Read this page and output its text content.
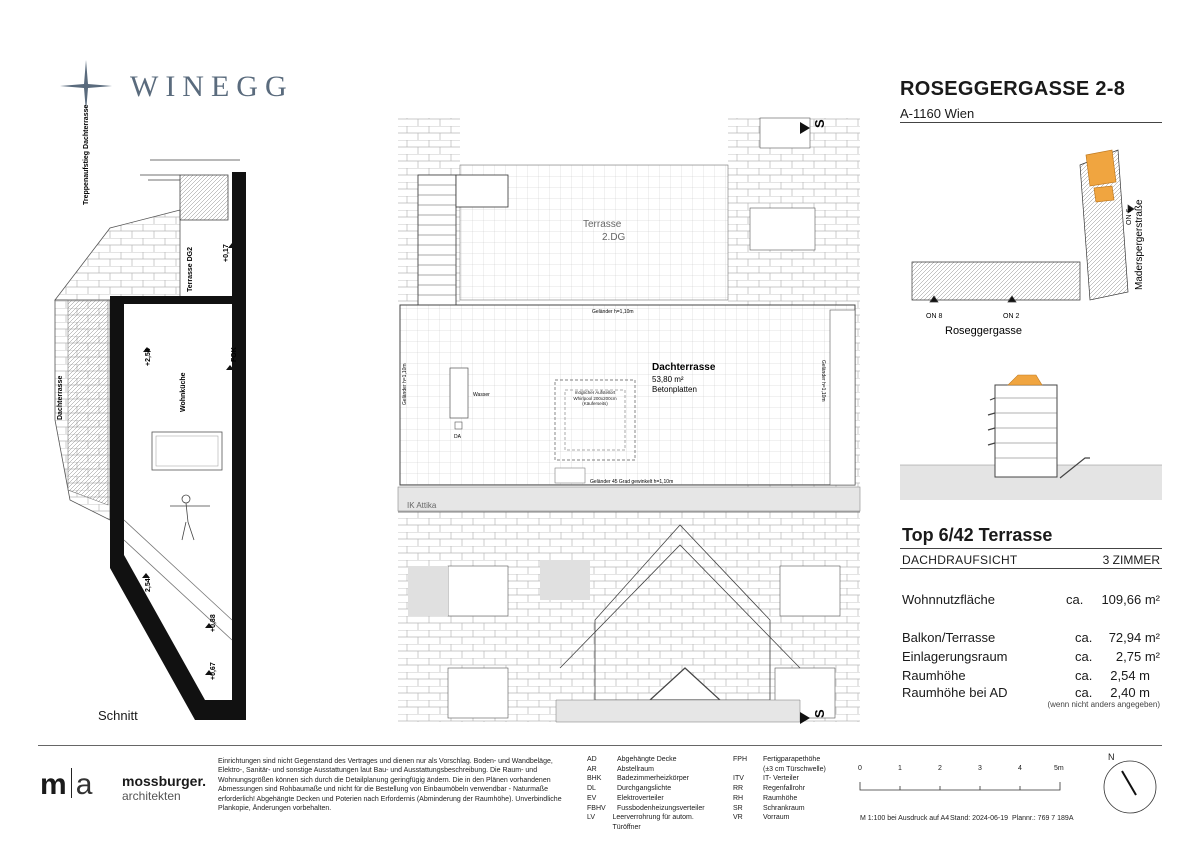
WINEGG	ROSEGGERGASSE 2-8
A-1160 Wien
Treppenaufstieg Dachterrasse
Terrasse DG2
Dachterrasse	Wohnküche
+0,17
+2,54	FOK
2,54
+0,88
+0,67
Terrasse
2.DG
Dachterrasse
53,80 m²
Betonplatten
Geländer h=1,10m
Geländer 45 Grad gewinkelt h=1,10m
Geländer h=1,10m	Geländer h=1,10m
Wasser
DA
IK Attika
möglicher Aufstellort Whirlpool 200x200cm (Käuferseits)
S
S
Maderspergerstraße
Roseggergasse
ON 6
ON 8	ON 2
Schnitt
Top 6/42 Terrasse
DACHDRAUFSICHT	3 ZIMMER
Wohnnutzfläche	ca. 109,66 m²
Balkon/Terrasse	ca. 72,94 m²
Einlagerungsraum	ca. 2,75 m²
Raumhöhe	ca. 2,54 m
Raumhöhe bei AD	ca. 2,40 m
(wenn nicht anders angegeben)
m a mossburger.
architekten
Einrichtungen sind nicht Gegenstand des Vertrages und dienen nur als Vorschlag. Boden- und Wandbeläge, Elektro-, Sanitär- und sonstige Ausstattungen laut Bau- und Ausstattungsbeschreibung. Die Raum- und Wohnungsgrößen können sich durch die Detailplanung geringfügig ändern. Die in den Plänen vorhandenen Abmessungen sind Rohbaumaße und nicht für die Bestellung von Einbaumöbeln verwendbar - Naturmaße erforderlich! Abgehängte Decken und Poterien nach Erfordernis (Abminderung der Raumhöhe). Unverbindliche Plankopie, Änderungen vorbehalten.
AD	Abgehängte Decke
AR	Abstellraum
BHK	Badezimmerheizkörper
DL	Durchgangslichte
EV	Elektroverteiler
FBHV	Fussbodenheizungsverteiler
LV	Leerverrohrung für autom. Türöffner
FPH	Fertigparapethöhe
(±3 cm Türschwelle)
ITV	IT- Verteiler
RR	Regenfallrohr
RH	Raumhöhe
SR	Schrankraum
VR	Vorraum
0	1	2	3	4	5m
M 1:100 bei Ausdruck auf A4 Stand: 2024-06-19 Plannr.: 769 7 189A
N
